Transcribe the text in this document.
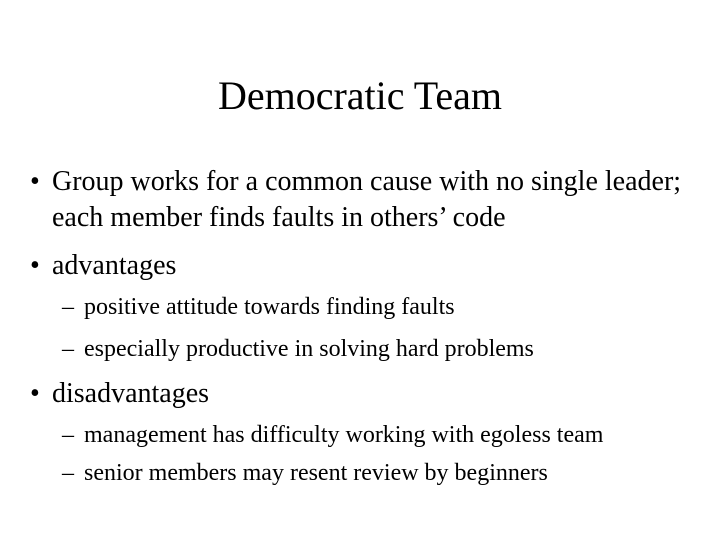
Democratic Team
• Group works for a common cause with no single leader; each member finds faults in others’ code
• advantages
– positive attitude towards finding faults
– especially productive in solving hard problems
• disadvantages
– management has difficulty working with egoless team
– senior members may resent review by beginners
